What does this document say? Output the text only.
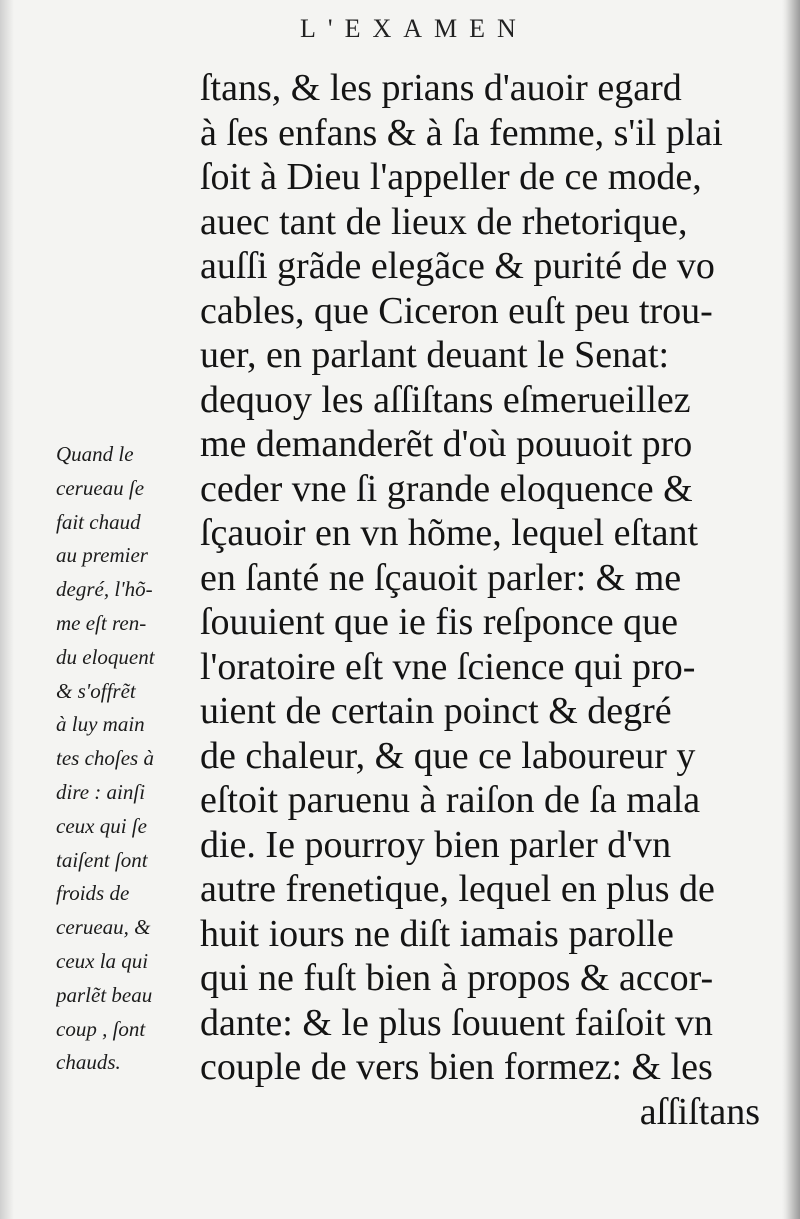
L'EXAMEN
ſtans, & les prians d'auoir egard
à ſes enfans & à ſa femme, s'il plai
ſoit à Dieu l'appeller de ce mode,
auec tant de lieux de rhetorique,
auſſi grãde elegãce & purité de vo
cables, que Ciceron euſt peu trou-
uer, en parlant deuant le Senat:
dequoy les aſſiſtans eſmerueillez
me demanderẽt d'où pouuoit pro
ceder vne ſi grande eloquence &
ſçauoir en vn hõme, lequel eſtant
en ſanté ne ſçauoit parler: & me
ſouuient que ie fis reſponce que
l'oratoire eſt vne ſcience qui pro-
uient de certain poinct & degré
de chaleur, & que ce laboureur y
eſtoit paruenu à raiſon de ſa mala
die. Ie pourroy bien parler d'vn
autre frenetique, lequel en plus de
huit iours ne diſt iamais parolle
qui ne fuſt bien à propos & accor-
dante: & le plus ſouuent faiſoit vn
couple de vers bien formez: & les
aſſiſtans
Quand le
cerueau ſe
fait chaud
au premier
degré, l'hõ-
me eſt ren-
du eloquent
& s'offrẽt
à luy main
tes choſes à
dire : ainſi
ceux qui ſe
taiſent ſont
froids de
cerueau, &
ceux la qui
parlẽt beau
coup , ſont
chauds.
